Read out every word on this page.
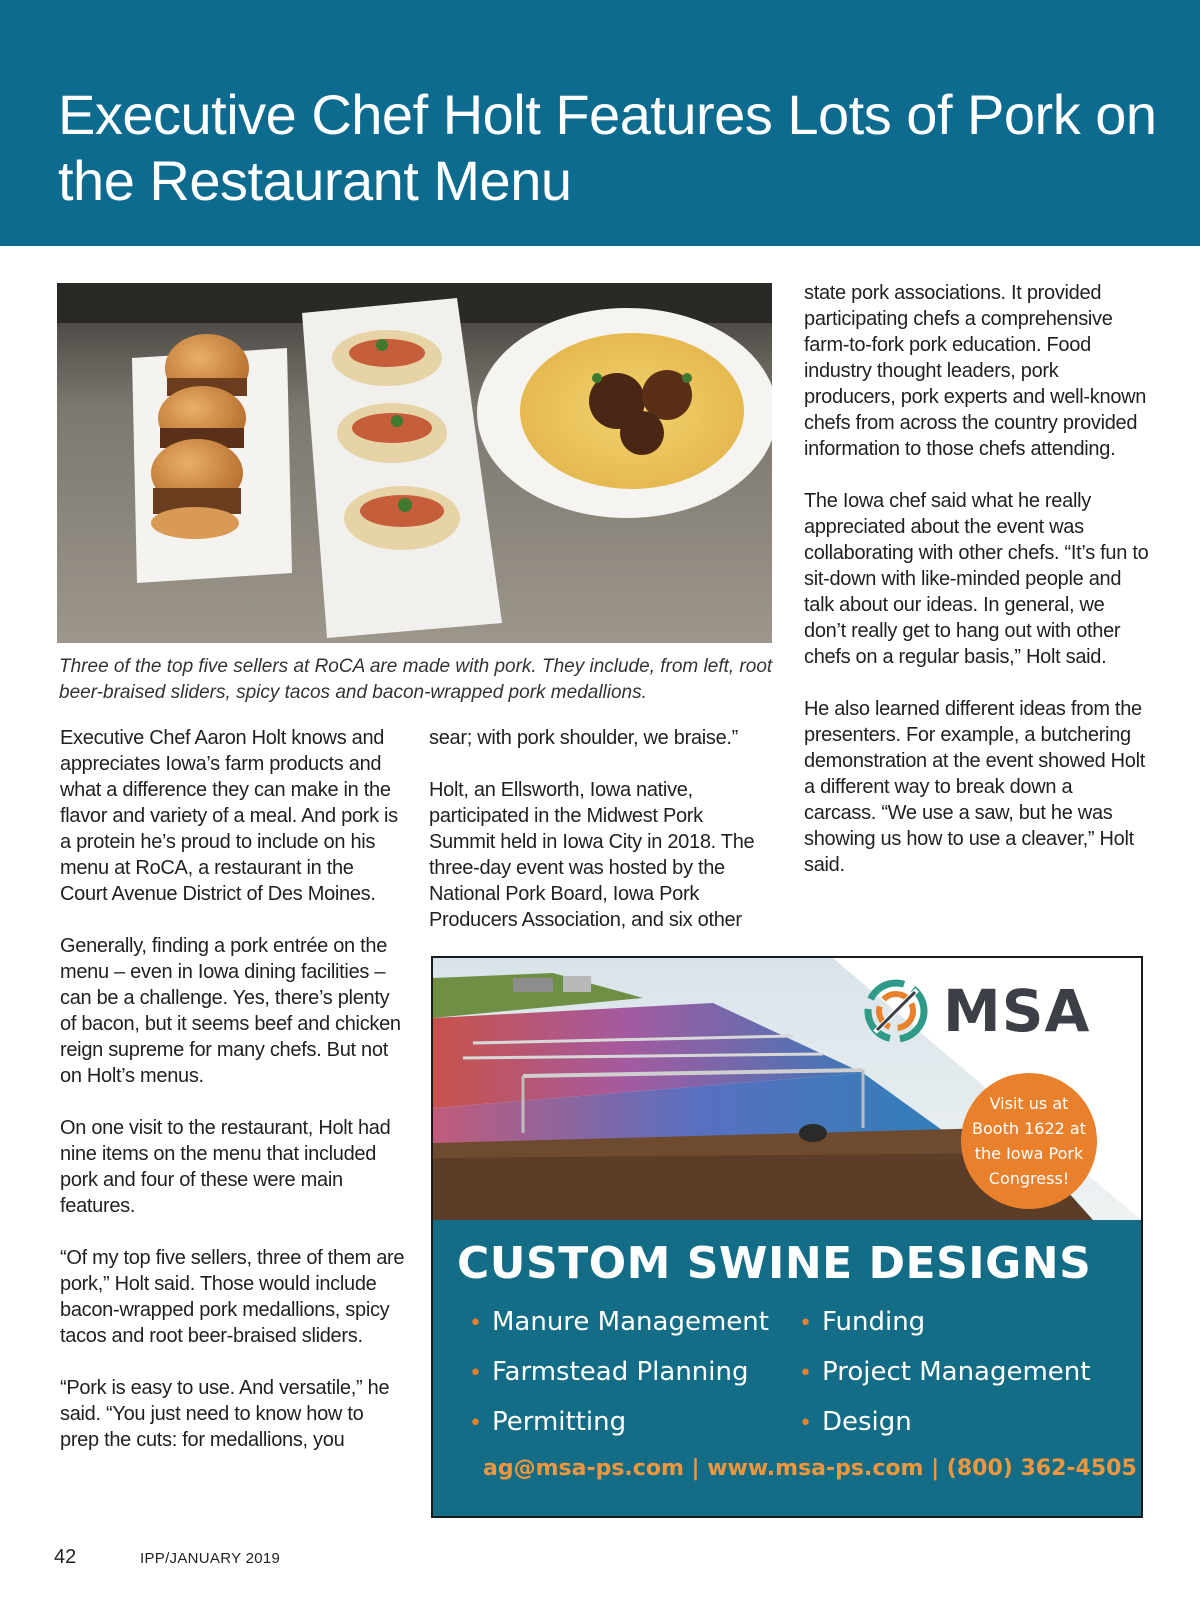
Executive Chef Holt Features Lots of Pork on the Restaurant Menu

Three of the top five sellers at RoCA are made with pork. They include, from left, root beer-braised sliders, spicy tacos and bacon-wrapped pork medallions.

Executive Chef Aaron Holt knows and appreciates Iowa’s farm products and what a difference they can make in the flavor and variety of a meal. And pork is a protein he’s proud to include on his menu at RoCA, a restaurant in the Court Avenue District of Des Moines.

Generally, finding a pork entrée on the menu – even in Iowa dining facilities – can be a challenge. Yes, there’s plenty of bacon, but it seems beef and chicken reign supreme for many chefs. But not on Holt’s menus.

On one visit to the restaurant, Holt had nine items on the menu that included pork and four of these were main features.

“Of my top five sellers, three of them are pork,” Holt said. Those would include bacon-wrapped pork medallions, spicy tacos and root beer-braised sliders.

“Pork is easy to use. And versatile,” he said. “You just need to know how to prep the cuts: for medallions, you

sear; with pork shoulder, we braise.”

Holt, an Ellsworth, Iowa native, participated in the Midwest Pork Summit held in Iowa City in 2018. The three-day event was hosted by the National Pork Board, Iowa Pork Producers Association, and six other

state pork associations. It provided participating chefs a comprehensive farm-to-fork pork education. Food industry thought leaders, pork producers, pork experts and well-known chefs from across the country provided information to those chefs attending.

The Iowa chef said what he really appreciated about the event was collaborating with other chefs. “It’s fun to sit-down with like-minded people and talk about our ideas. In general, we don’t really get to hang out with other chefs on a regular basis,” Holt said.

He also learned different ideas from the presenters. For example, a butchering demonstration at the event showed Holt a different way to break down a carcass. “We use a saw, but he was showing us how to use a cleaver,” Holt said.

MSA
Visit us at Booth 1622 at the Iowa Pork Congress!
CUSTOM SWINE DESIGNS
• Manure Management	• Funding
• Farmstead Planning	• Project Management
• Permitting	• Design
ag@msa-ps.com | www.msa-ps.com | (800) 362-4505
42	IPP/JANUARY 2019
